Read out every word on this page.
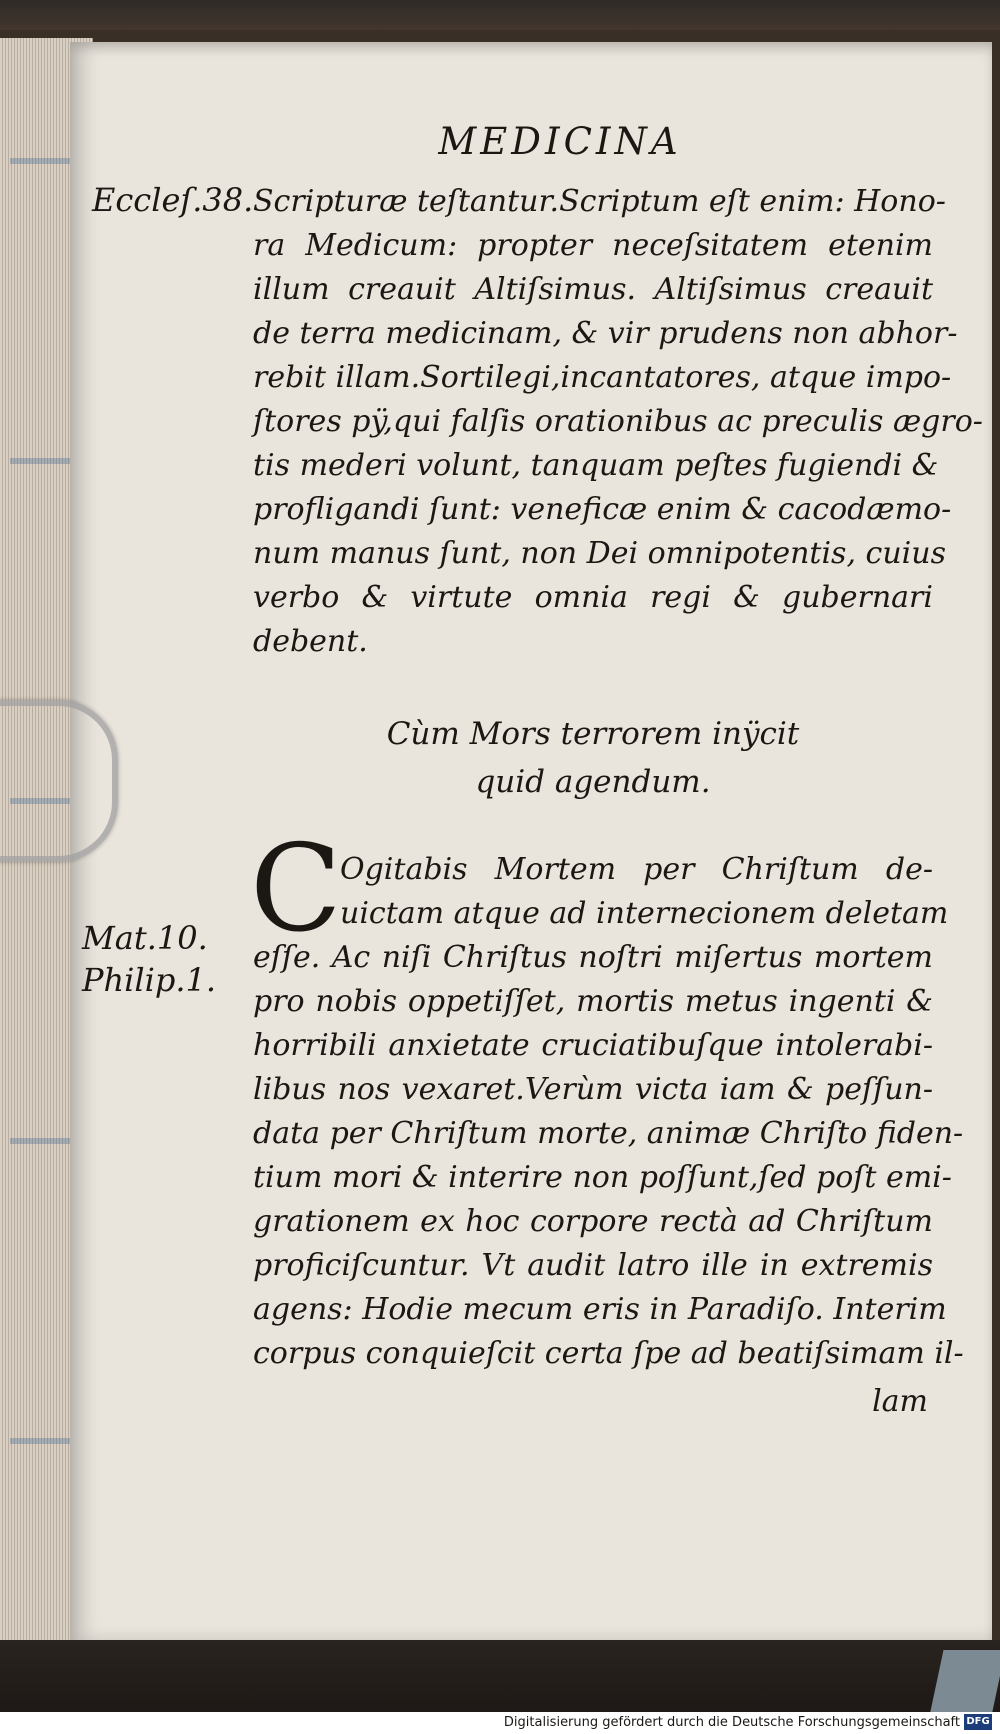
MEDICINA
Eccleſ.38.
Mat.10.
Philip.1.
Scripturæ teſtantur.Scriptum eſt enim: Hono-
ra Medicum: propter neceſsitatem etenim
illum creauit Altiſsimus. Altiſsimus creauit
de terra medicinam, & vir prudens non abhor-
rebit illam.Sortilegi,incantatores, atque impo-
ſtores pÿ,qui falſis orationibus ac preculis ægro-
tis mederi volunt, tanquam peſtes fugiendi &
profligandi ſunt: veneficæ enim & cacodæmo-
num manus ſunt, non Dei omnipotentis, cuius
verbo & virtute omnia regi & gubernari
debent.
Cùm Mors terrorem inÿcit
quid agendum.
C
Ogitabis Mortem per Chriſtum de-
uictam atque ad internecionem deletam
eſſe. Ac niſi Chriſtus noſtri miſertus mortem
pro nobis oppetiſſet, mortis metus ingenti &
horribili anxietate cruciatibuſque intolerabi-
libus nos vexaret.Verùm victa iam & peſſun-
data per Chriſtum morte, animæ Chriſto fiden-
tium mori & interire non poſſunt,ſed poſt emi-
grationem ex hoc corpore rectà ad Chriſtum
proficiſcuntur. Vt audit latro ille in extremis
agens: Hodie mecum eris in Paradiſo. Interim
corpus conquieſcit certa ſpe ad beatiſsimam il-
lam
Digitalisierung gefördert durch die Deutsche Forschungsgemeinschaft DFG
